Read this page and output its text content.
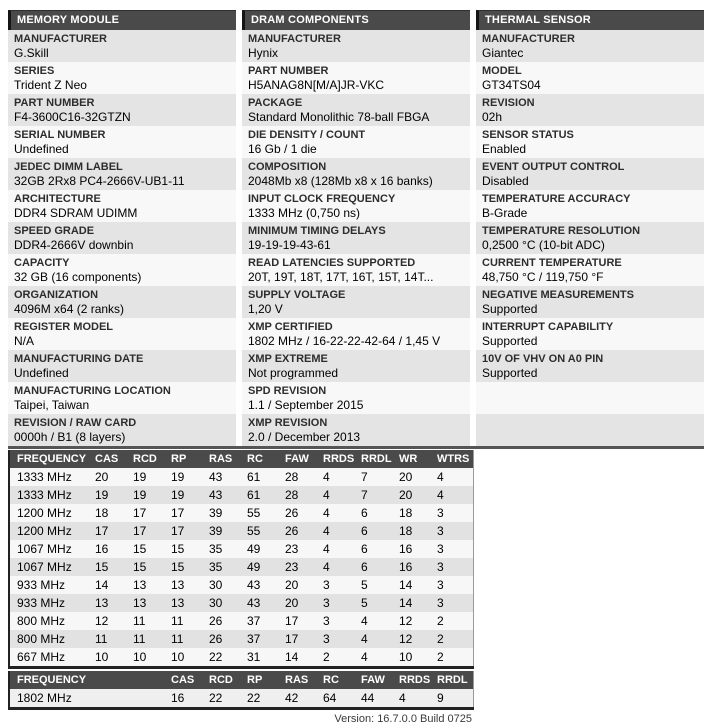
MEMORY MODULE
MANUFACTURER
G.Skill
SERIES
Trident Z Neo
PART NUMBER
F4-3600C16-32GTZN
SERIAL NUMBER
Undefined
JEDEC DIMM LABEL
32GB 2Rx8 PC4-2666V-UB1-11
ARCHITECTURE
DDR4 SDRAM UDIMM
SPEED GRADE
DDR4-2666V downbin
CAPACITY
32 GB (16 components)
ORGANIZATION
4096M x64 (2 ranks)
REGISTER MODEL
N/A
MANUFACTURING DATE
Undefined
MANUFACTURING LOCATION
Taipei, Taiwan
REVISION / RAW CARD
0000h / B1 (8 layers)
DRAM COMPONENTS
MANUFACTURER
Hynix
PART NUMBER
H5ANAG8N[M/A]JR-VKC
PACKAGE
Standard Monolithic 78-ball FBGA
DIE DENSITY / COUNT
16 Gb / 1 die
COMPOSITION
2048Mb x8 (128Mb x8 x 16 banks)
INPUT CLOCK FREQUENCY
1333 MHz (0,750 ns)
MINIMUM TIMING DELAYS
19-19-19-43-61
READ LATENCIES SUPPORTED
20T, 19T, 18T, 17T, 16T, 15T, 14T...
SUPPLY VOLTAGE
1,20 V
XMP CERTIFIED
1802 MHz / 16-22-22-42-64 / 1,45 V
XMP EXTREME
Not programmed
SPD REVISION
1.1 / September 2015
XMP REVISION
2.0 / December 2013
THERMAL SENSOR
MANUFACTURER
Giantec
MODEL
GT34TS04
REVISION
02h
SENSOR STATUS
Enabled
EVENT OUTPUT CONTROL
Disabled
TEMPERATURE ACCURACY
B-Grade
TEMPERATURE RESOLUTION
0,2500 °C (10-bit ADC)
CURRENT TEMPERATURE
48,750 °C / 119,750 °F
NEGATIVE MEASUREMENTS
Supported
INTERRUPT CAPABILITY
Supported
10V OF VHV ON A0 PIN
Supported
FREQUENCY	CAS	RCD	RP	RAS	RC	FAW	RRDS	RRDL	WR	WTRS
1333 MHz	20	19	19	43	61	28	4	7	20	4
1333 MHz	19	19	19	43	61	28	4	7	20	4
1200 MHz	18	17	17	39	55	26	4	6	18	3
1200 MHz	17	17	17	39	55	26	4	6	18	3
1067 MHz	16	15	15	35	49	23	4	6	16	3
1067 MHz	15	15	15	35	49	23	4	6	16	3
933 MHz	14	13	13	30	43	20	3	5	14	3
933 MHz	13	13	13	30	43	20	3	5	14	3
800 MHz	12	11	11	26	37	17	3	4	12	2
800 MHz	11	11	11	26	37	17	3	4	12	2
667 MHz	10	10	10	22	31	14	2	4	10	2
FREQUENCY	CAS	RCD	RP	RAS	RC	FAW	RRDS	RRDL
1802 MHz	16	22	22	42	64	44	4	9
Version: 16.7.0.0 Build 0725
